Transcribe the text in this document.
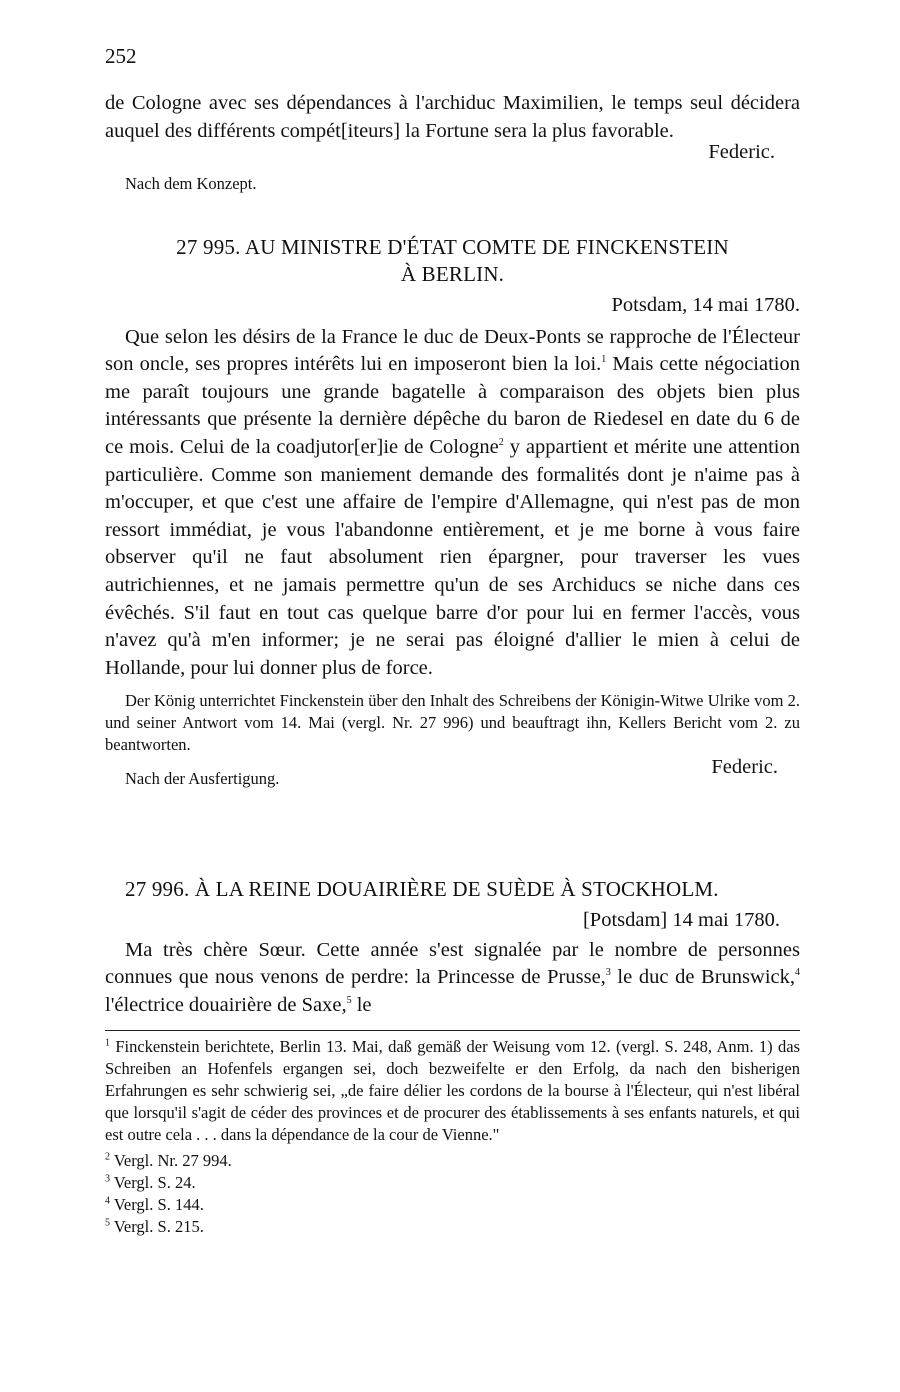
252

de Cologne avec ses dépendances à l'archiduc Maximilien, le temps seul décidera auquel des différents compét[iteurs] la Fortune sera la plus favorable.

Federic.
Nach dem Konzept.
27 995. AU MINISTRE D'ÉTAT COMTE DE FINCKENSTEIN
À BERLIN.
Potsdam, 14 mai 1780.

Que selon les désirs de la France le duc de Deux-Ponts se rapproche de l'Électeur son oncle, ses propres intérêts lui en imposeront bien la loi.$^1$ Mais cette négociation me paraît toujours une grande bagatelle à comparaison des objets bien plus intéressants que présente la dernière dépêche du baron de Riedesel en date du 6 de ce mois. Celui de la coadjutor[er]ie de Cologne$^2$ y appartient et mérite une attention particulière. Comme son maniement demande des formalités dont je n'aime pas à m'occuper, et que c'est une affaire de l'empire d'Allemagne, qui n'est pas de mon ressort immédiat, je vous l'abandonne entièrement, et je me borne à vous faire observer qu'il ne faut absolument rien épargner, pour traverser les vues autrichiennes, et ne jamais permettre qu'un de ses Archiducs se niche dans ces évêchés. S'il faut en tout cas quelque barre d'or pour lui en fermer l'accès, vous n'avez qu'à m'en informer; je ne serai pas éloigné d'allier le mien à celui de Hollande, pour lui donner plus de force.

Der König unterrichtet Finckenstein über den Inhalt des Schreibens der Königin-Witwe Ulrike vom 2. und seiner Antwort vom 14. Mai (vergl. Nr. 27 996) und beauftragt ihn, Kellers Bericht vom 2. zu beantworten.

Nach der Ausfertigung.
Federic.
27 996. À LA REINE DOUAIRIÈRE DE SUÈDE À STOCKHOLM.
[Potsdam] 14 mai 1780.

Ma très chère Sœur. Cette année s'est signalée par le nombre de personnes connues que nous venons de perdre: la Princesse de Prusse,$^3$ le duc de Brunswick,$^4$ l'électrice douairière de Saxe,$^5$ le

$^1$ Finckenstein berichtete, Berlin 13. Mai, daß gemäß der Weisung vom 12. (vergl. S. 248, Anm. 1) das Schreiben an Hofenfels ergangen sei, doch bezweifelte er den Erfolg, da nach den bisherigen Erfahrungen es sehr schwierig sei, „de faire délier les cordons de la bourse à l'Électeur, qui n'est libéral que lorsqu'il s'agit de céder des provinces et de procurer des établissements à ses enfants naturels, et qui est outre cela . . . dans la dépendance de la cour de Vienne."

$^2$ Vergl. Nr. 27 994.

$^3$ Vergl. S. 24.

$^4$ Vergl. S. 144.

$^5$ Vergl. S. 215.
